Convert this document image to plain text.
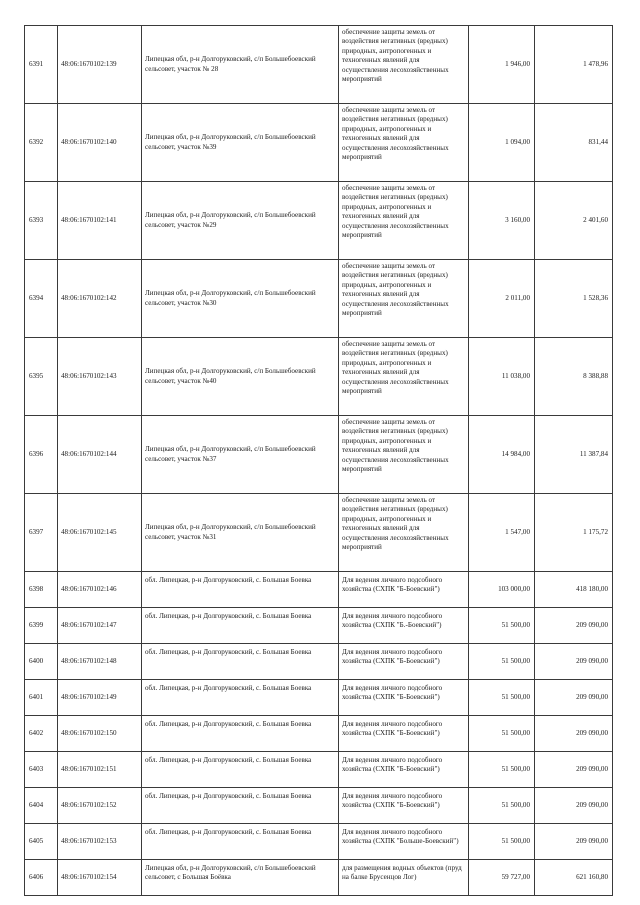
6391	48:06:1670102:139	Липецкая обл, р-н Долгоруковский, с/п Большебоевский сельсовет, участок № 28	обеспечение защиты земель от воздействия негативных (вредных) природных, антропогенных и техногенных явлений для осуществления лесохозяйственных мероприятий	1 946,00	1 478,96
6392	48:06:1670102:140	Липецкая обл, р-н Долгоруковский, с/п Большебоевский сельсовет, участок №39	обеспечение защиты земель от воздействия негативных (вредных) природных, антропогенных и техногенных явлений для осуществления лесохозяйственных мероприятий	1 094,00	831,44
6393	48:06:1670102:141	Липецкая обл, р-н Долгоруковский, с/п Большебоевский сельсовет, участок №29	обеспечение защиты земель от воздействия негативных (вредных) природных, антропогенных и техногенных явлений для осуществления лесохозяйственных мероприятий	3 160,00	2 401,60
6394	48:06:1670102:142	Липецкая обл, р-н Долгоруковский, с/п Большебоевский сельсовет, участок №30	обеспечение защиты земель от воздействия негативных (вредных) природных, антропогенных и техногенных явлений для осуществления лесохозяйственных мероприятий	2 011,00	1 528,36
6395	48:06:1670102:143	Липецкая обл, р-н Долгоруковский, с/п Большебоевский сельсовет, участок №40	обеспечение защиты земель от воздействия негативных (вредных) природных, антропогенных и техногенных явлений для осуществления лесохозяйственных мероприятий	11 038,00	8 388,88
6396	48:06:1670102:144	Липецкая обл, р-н Долгоруковский, с/п Большебоевский сельсовет, участок №37	обеспечение защиты земель от воздействия негативных (вредных) природных, антропогенных и техногенных явлений для осуществления лесохозяйственных мероприятий	14 984,00	11 387,84
6397	48:06:1670102:145	Липецкая обл, р-н Долгоруковский, с/п Большебоевский сельсовет, участок №31	обеспечение защиты земель от воздействия негативных (вредных) природных, антропогенных и техногенных явлений для осуществления лесохозяйственных мероприятий	1 547,00	1 175,72
6398	48:06:1670102:146	обл. Липецкая, р-н Долгоруковский, с. Большая Боевка	Для ведения личного подсобного хозяйства (СХПК "Б-Боевский")	103 000,00	418 180,00
6399	48:06:1670102:147	обл. Липецкая, р-н Долгоруковский, с. Большая Боевка	Для ведения личного подсобного хозяйства (СХПК "Б.-Боевский")	51 500,00	209 090,00
6400	48:06:1670102:148	обл. Липецкая, р-н Долгоруковский, с. Большая Боевка	Для ведения личного подсобного хозяйства (СХПК "Б-Боевский")	51 500,00	209 090,00
6401	48:06:1670102:149	обл. Липецкая, р-н Долгоруковский, с. Большая Боевка	Для ведения личного подсобного хозяйства (СХПК "Б-Боевский")	51 500,00	209 090,00
6402	48:06:1670102:150	обл. Липецкая, р-н Долгоруковский, с. Большая Боевка	Для ведения личного подсобного хозяйства (СХПК "Б-Боевский")	51 500,00	209 090,00
6403	48:06:1670102:151	обл. Липецкая, р-н Долгоруковский, с. Большая Боевка	Для ведения личного подсобного хозяйства (СХПК "Б-Боевский")	51 500,00	209 090,00
6404	48:06:1670102:152	обл. Липецкая, р-н Долгоруковский, с. Большая Боевка	Для ведения личного подсобного хозяйства (СХПК "Б-Боевский")	51 500,00	209 090,00
6405	48:06:1670102:153	обл. Липецкая, р-н Долгоруковский, с. Большая Боевка	Для ведения личного подсобного хозяйства (СХПК "Больше-Боевский")	51 500,00	209 090,00
6406	48:06:1670102:154	Липецкая обл, р-н Долгоруковский, с/п Большебоевский сельсовет, с Большая Боёвка	для размещения водных объектов (пруд на балке Брусенцов Лог)	59 727,00	621 160,80
